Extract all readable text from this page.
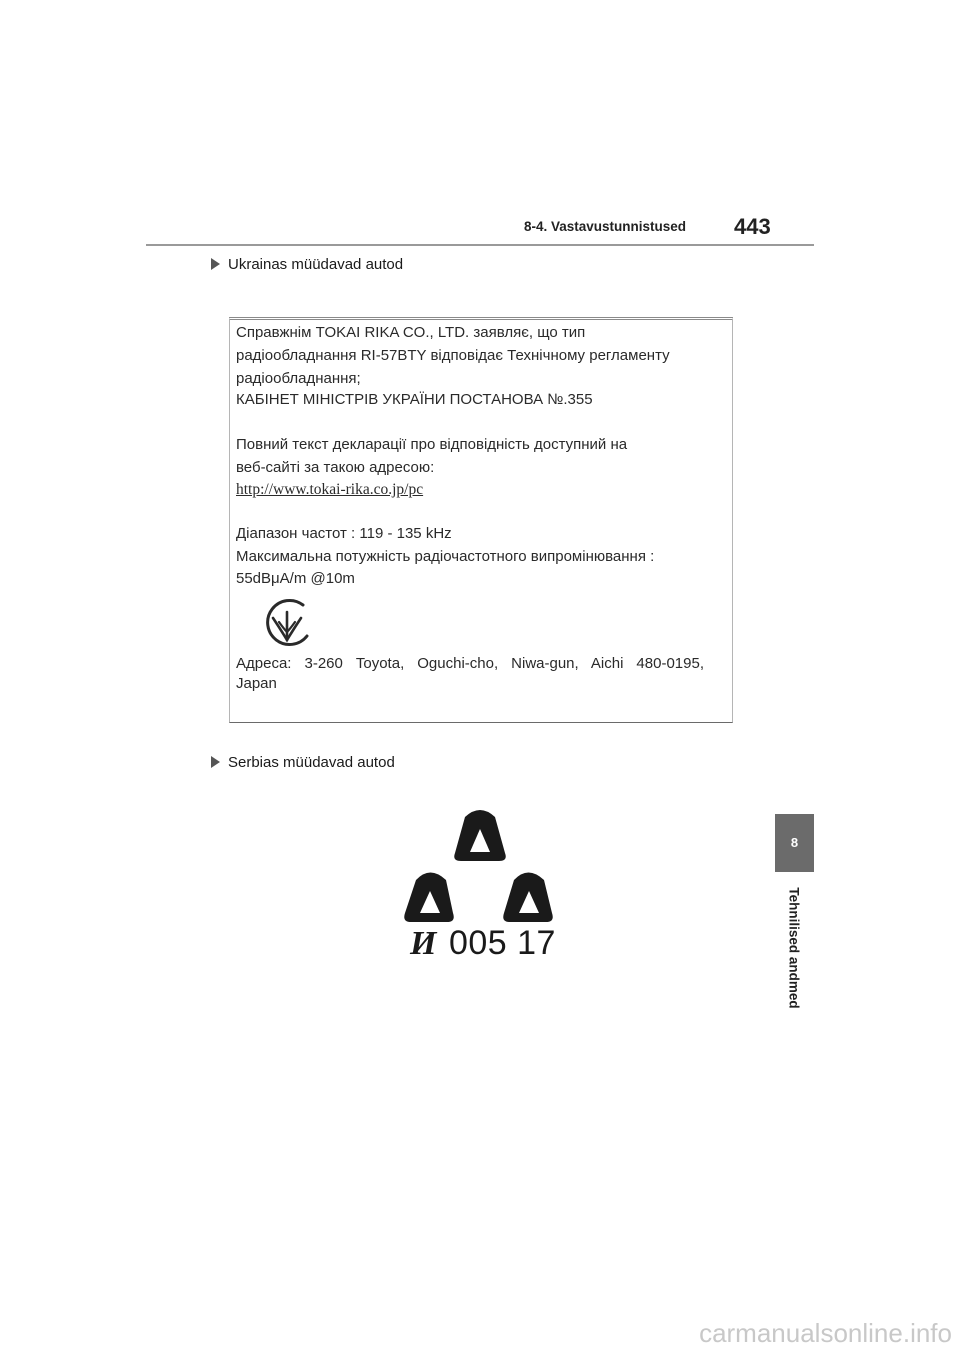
8-4. Vastavustunnistused 443
Ukrainas müüdavad autod
Справжнім TOKAI RIKA CO., LTD. заявляє, що тип
радіообладнання RI-57BTY відповідає Технічному регламенту
радіообладнання;
КАБІНЕТ МІНІСТРІВ УКРАЇНИ ПОСТАНОВА №.355
Повний текст декларації про відповідність доступний на
веб-сайті за такою адресою:
http://www.tokai-rika.co.jp/pc
Діапазон частот : 119 - 135 kHz
Максимальна потужність радіочастотного випромінювання :
55dBμA/m @10m
Адреса: 3-260 Toyota, Oguchi-cho, Niwa-gun, Aichi 480-0195,
Japan
Serbias müüdavad autod
И 005 17
8
Tehnilised andmed
carmanualsonline.info
